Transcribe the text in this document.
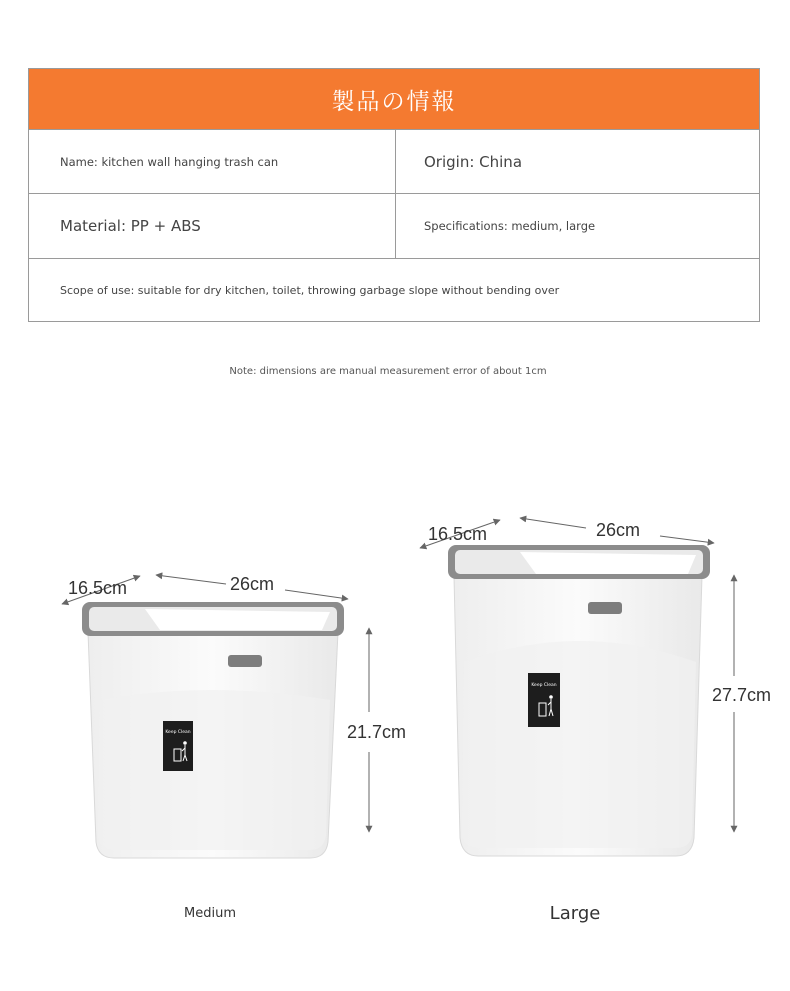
製品の情報
Name: kitchen wall hanging trash can	Origin: China
Material: PP + ABS	Specifications: medium, large
Scope of use: suitable for dry kitchen, toilet, throwing garbage slope without bending over
Note: dimensions are manual measurement error of about 1cm
Keep Clean
Keep Clean
16.5cm	26cm
21.7cm
16.5cm	26cm
27.7cm
Medium	Large
